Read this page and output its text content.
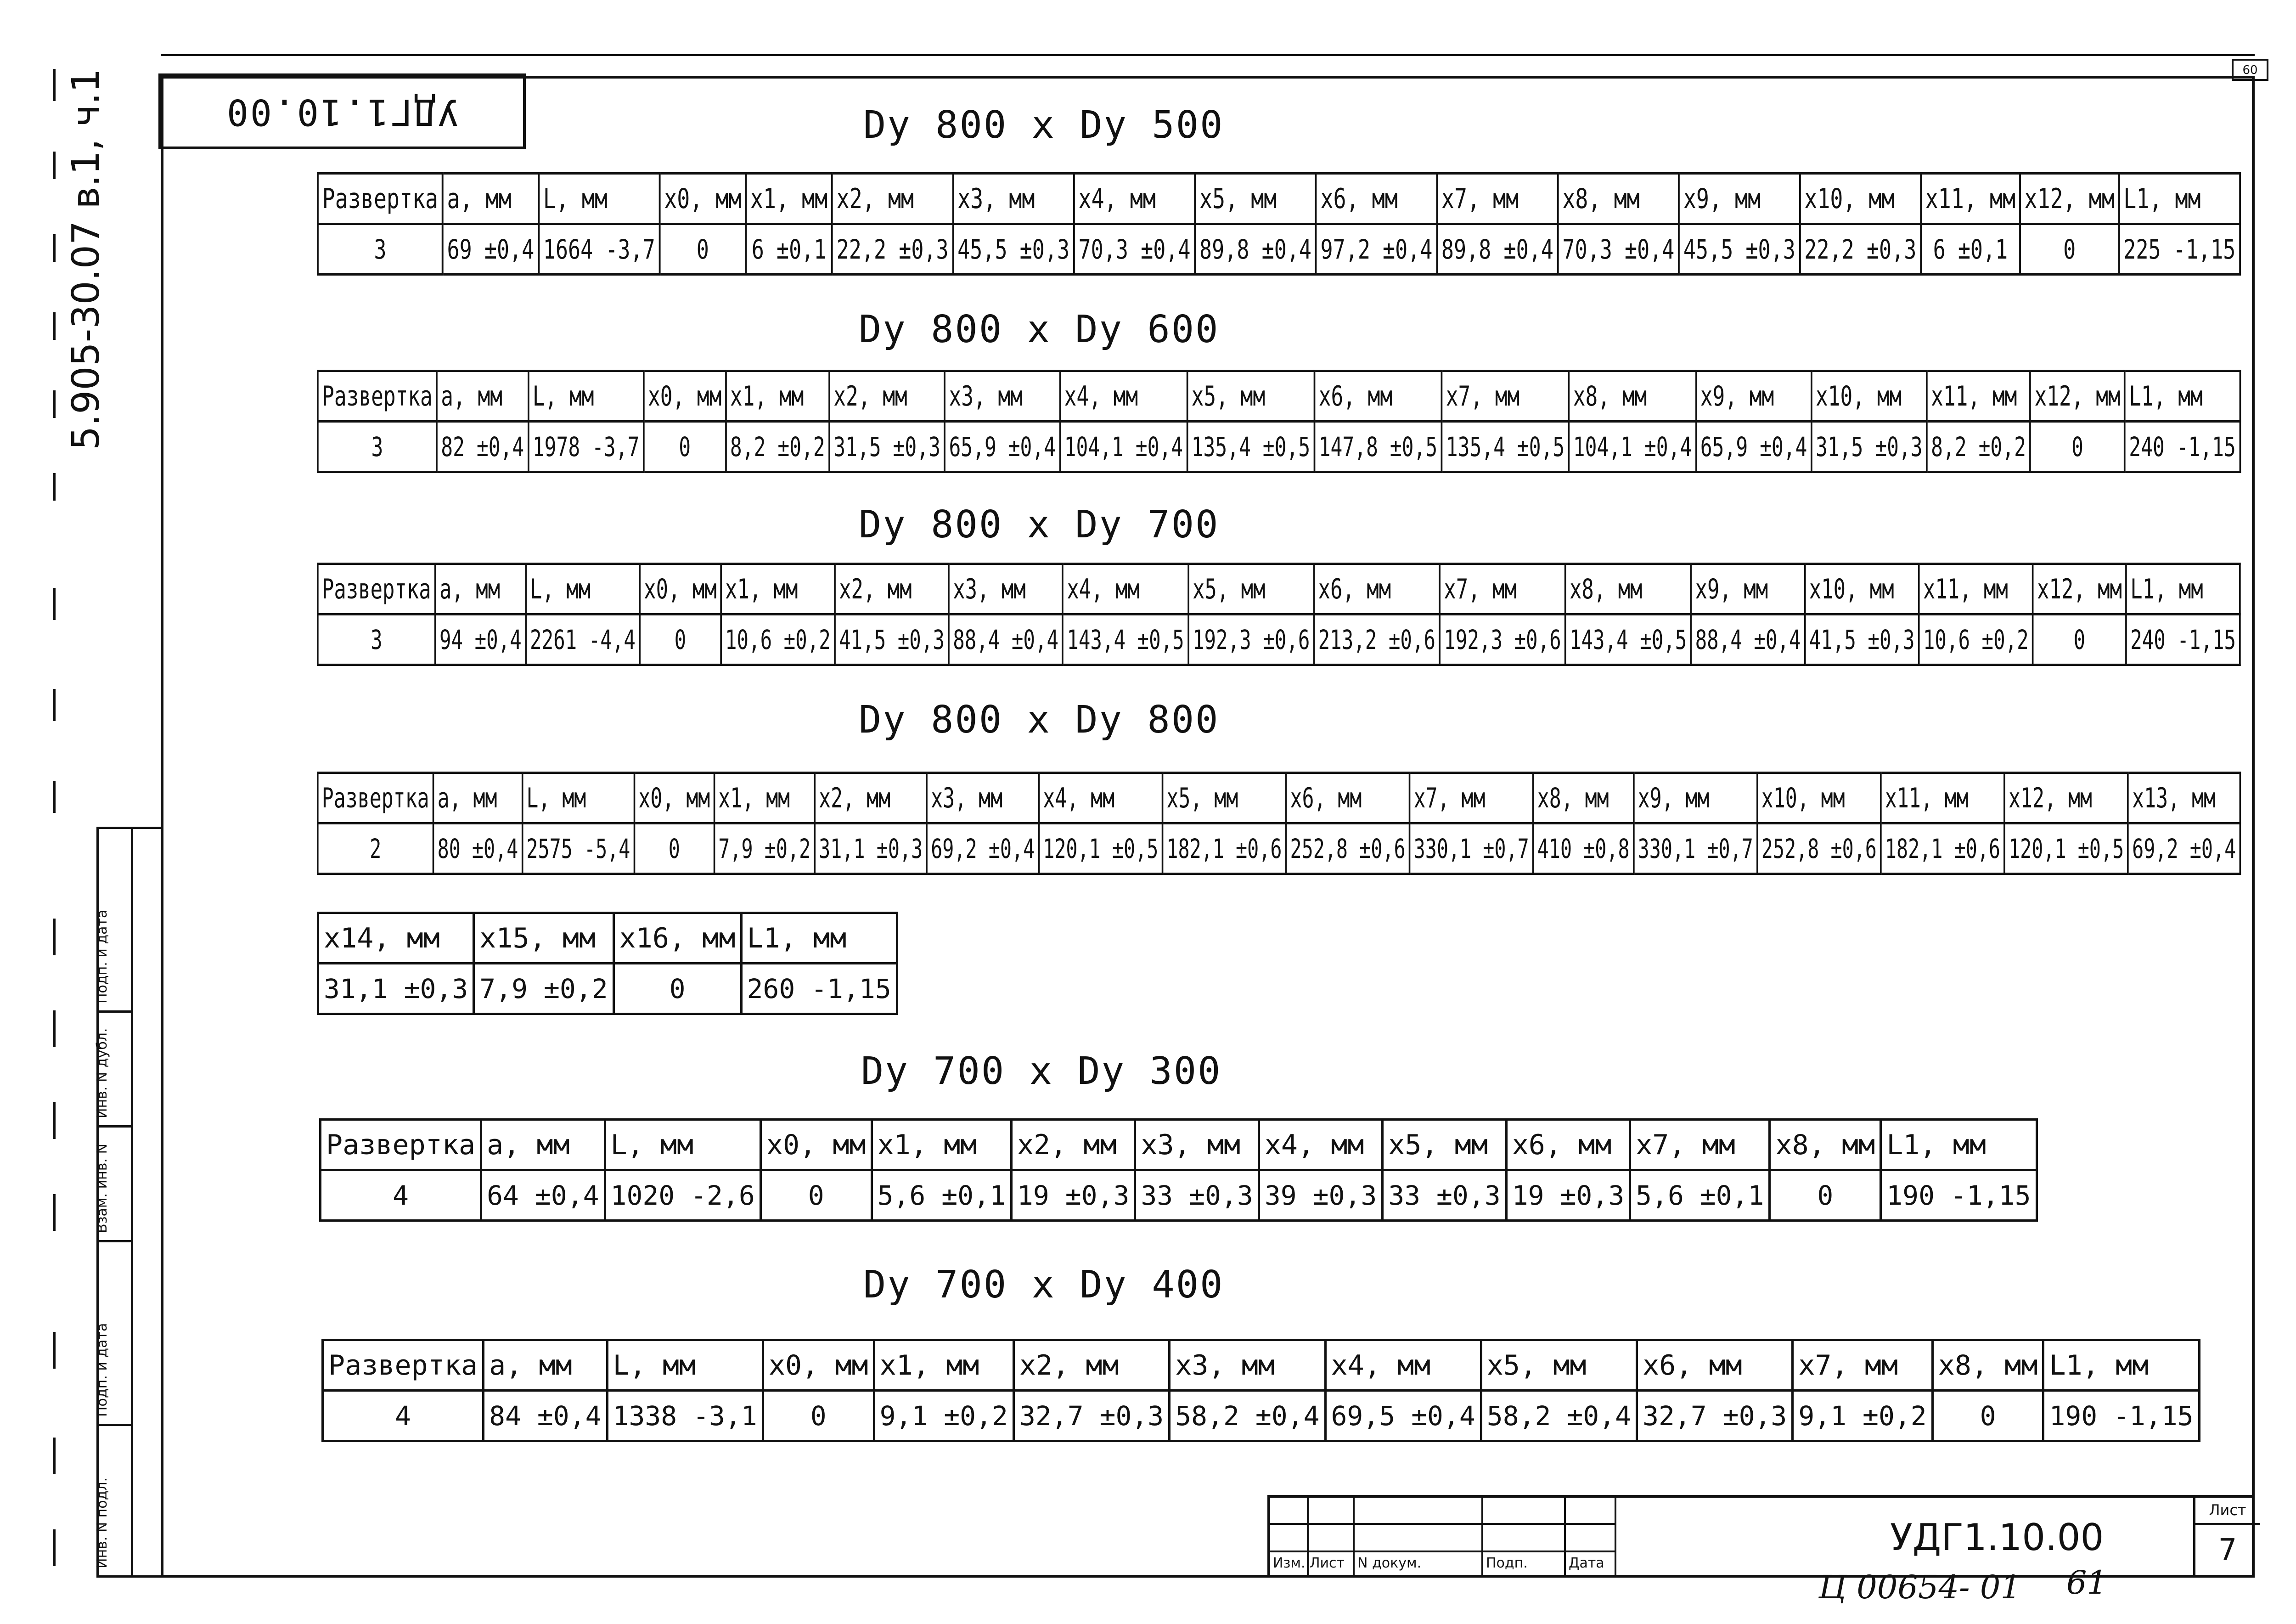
60
УДГ1.10.00
5.905-30.07 в.1, ч.1
Подп. и дата
Инв. N дубл.
Взам. инв. N
Подп. и дата
Инв. N подл.
Dy 800 x Dy 500
Развертка	a, мм	L, мм	x0, мм	x1, мм	x2, мм	x3, мм	x4, мм	x5, мм	x6, мм	x7, мм	x8, мм	x9, мм	x10, мм	x11, мм	x12, мм	L1, мм
3	69 ±0,4	1664 -3,7	0	6 ±0,1	22,2 ±0,3	45,5 ±0,3	70,3 ±0,4	89,8 ±0,4	97,2 ±0,4	89,8 ±0,4	70,3 ±0,4	45,5 ±0,3	22,2 ±0,3	6 ±0,1	0	225 -1,15
Dy 800 x Dy 600
Развертка	a, мм	L, мм	x0, мм	x1, мм	x2, мм	x3, мм	x4, мм	x5, мм	x6, мм	x7, мм	x8, мм	x9, мм	x10, мм	x11, мм	x12, мм	L1, мм
3	82 ±0,4	1978 -3,7	0	8,2 ±0,2	31,5 ±0,3	65,9 ±0,4	104,1 ±0,4	135,4 ±0,5	147,8 ±0,5	135,4 ±0,5	104,1 ±0,4	65,9 ±0,4	31,5 ±0,3	8,2 ±0,2	0	240 -1,15
Dy 800 x Dy 700
Развертка	a, мм	L, мм	x0, мм	x1, мм	x2, мм	x3, мм	x4, мм	x5, мм	x6, мм	x7, мм	x8, мм	x9, мм	x10, мм	x11, мм	x12, мм	L1, мм
3	94 ±0,4	2261 -4,4	0	10,6 ±0,2	41,5 ±0,3	88,4 ±0,4	143,4 ±0,5	192,3 ±0,6	213,2 ±0,6	192,3 ±0,6	143,4 ±0,5	88,4 ±0,4	41,5 ±0,3	10,6 ±0,2	0	240 -1,15
Dy 800 x Dy 800
Развертка	a, мм	L, мм	x0, мм	x1, мм	x2, мм	x3, мм	x4, мм	x5, мм	x6, мм	x7, мм	x8, мм	x9, мм	x10, мм	x11, мм	x12, мм	x13, мм
2	80 ±0,4	2575 -5,4	0	7,9 ±0,2	31,1 ±0,3	69,2 ±0,4	120,1 ±0,5	182,1 ±0,6	252,8 ±0,6	330,1 ±0,7	410 ±0,8	330,1 ±0,7	252,8 ±0,6	182,1 ±0,6	120,1 ±0,5	69,2 ±0,4
x14, мм	x15, мм	x16, мм	L1, мм
31,1 ±0,3	7,9 ±0,2	0	260 -1,15
Dy 700 x Dy 300
Развертка	a, мм	L, мм	x0, мм	x1, мм	x2, мм	x3, мм	x4, мм	x5, мм	x6, мм	x7, мм	x8, мм	L1, мм
4	64 ±0,4	1020 -2,6	0	5,6 ±0,1	19 ±0,3	33 ±0,3	39 ±0,3	33 ±0,3	19 ±0,3	5,6 ±0,1	0	190 -1,15
Dy 700 x Dy 400
Развертка	a, мм	L, мм	x0, мм	x1, мм	x2, мм	x3, мм	x4, мм	x5, мм	x6, мм	x7, мм	x8, мм	L1, мм
4	84 ±0,4	1338 -3,1	0	9,1 ±0,2	32,7 ±0,3	58,2 ±0,4	69,5 ±0,4	58,2 ±0,4	32,7 ±0,3	9,1 ±0,2	0	190 -1,15
Изм. Лист N докум.	Подп.	Дата
УДГ1.10.00
Лист
7
Ц 00654- 01 61
